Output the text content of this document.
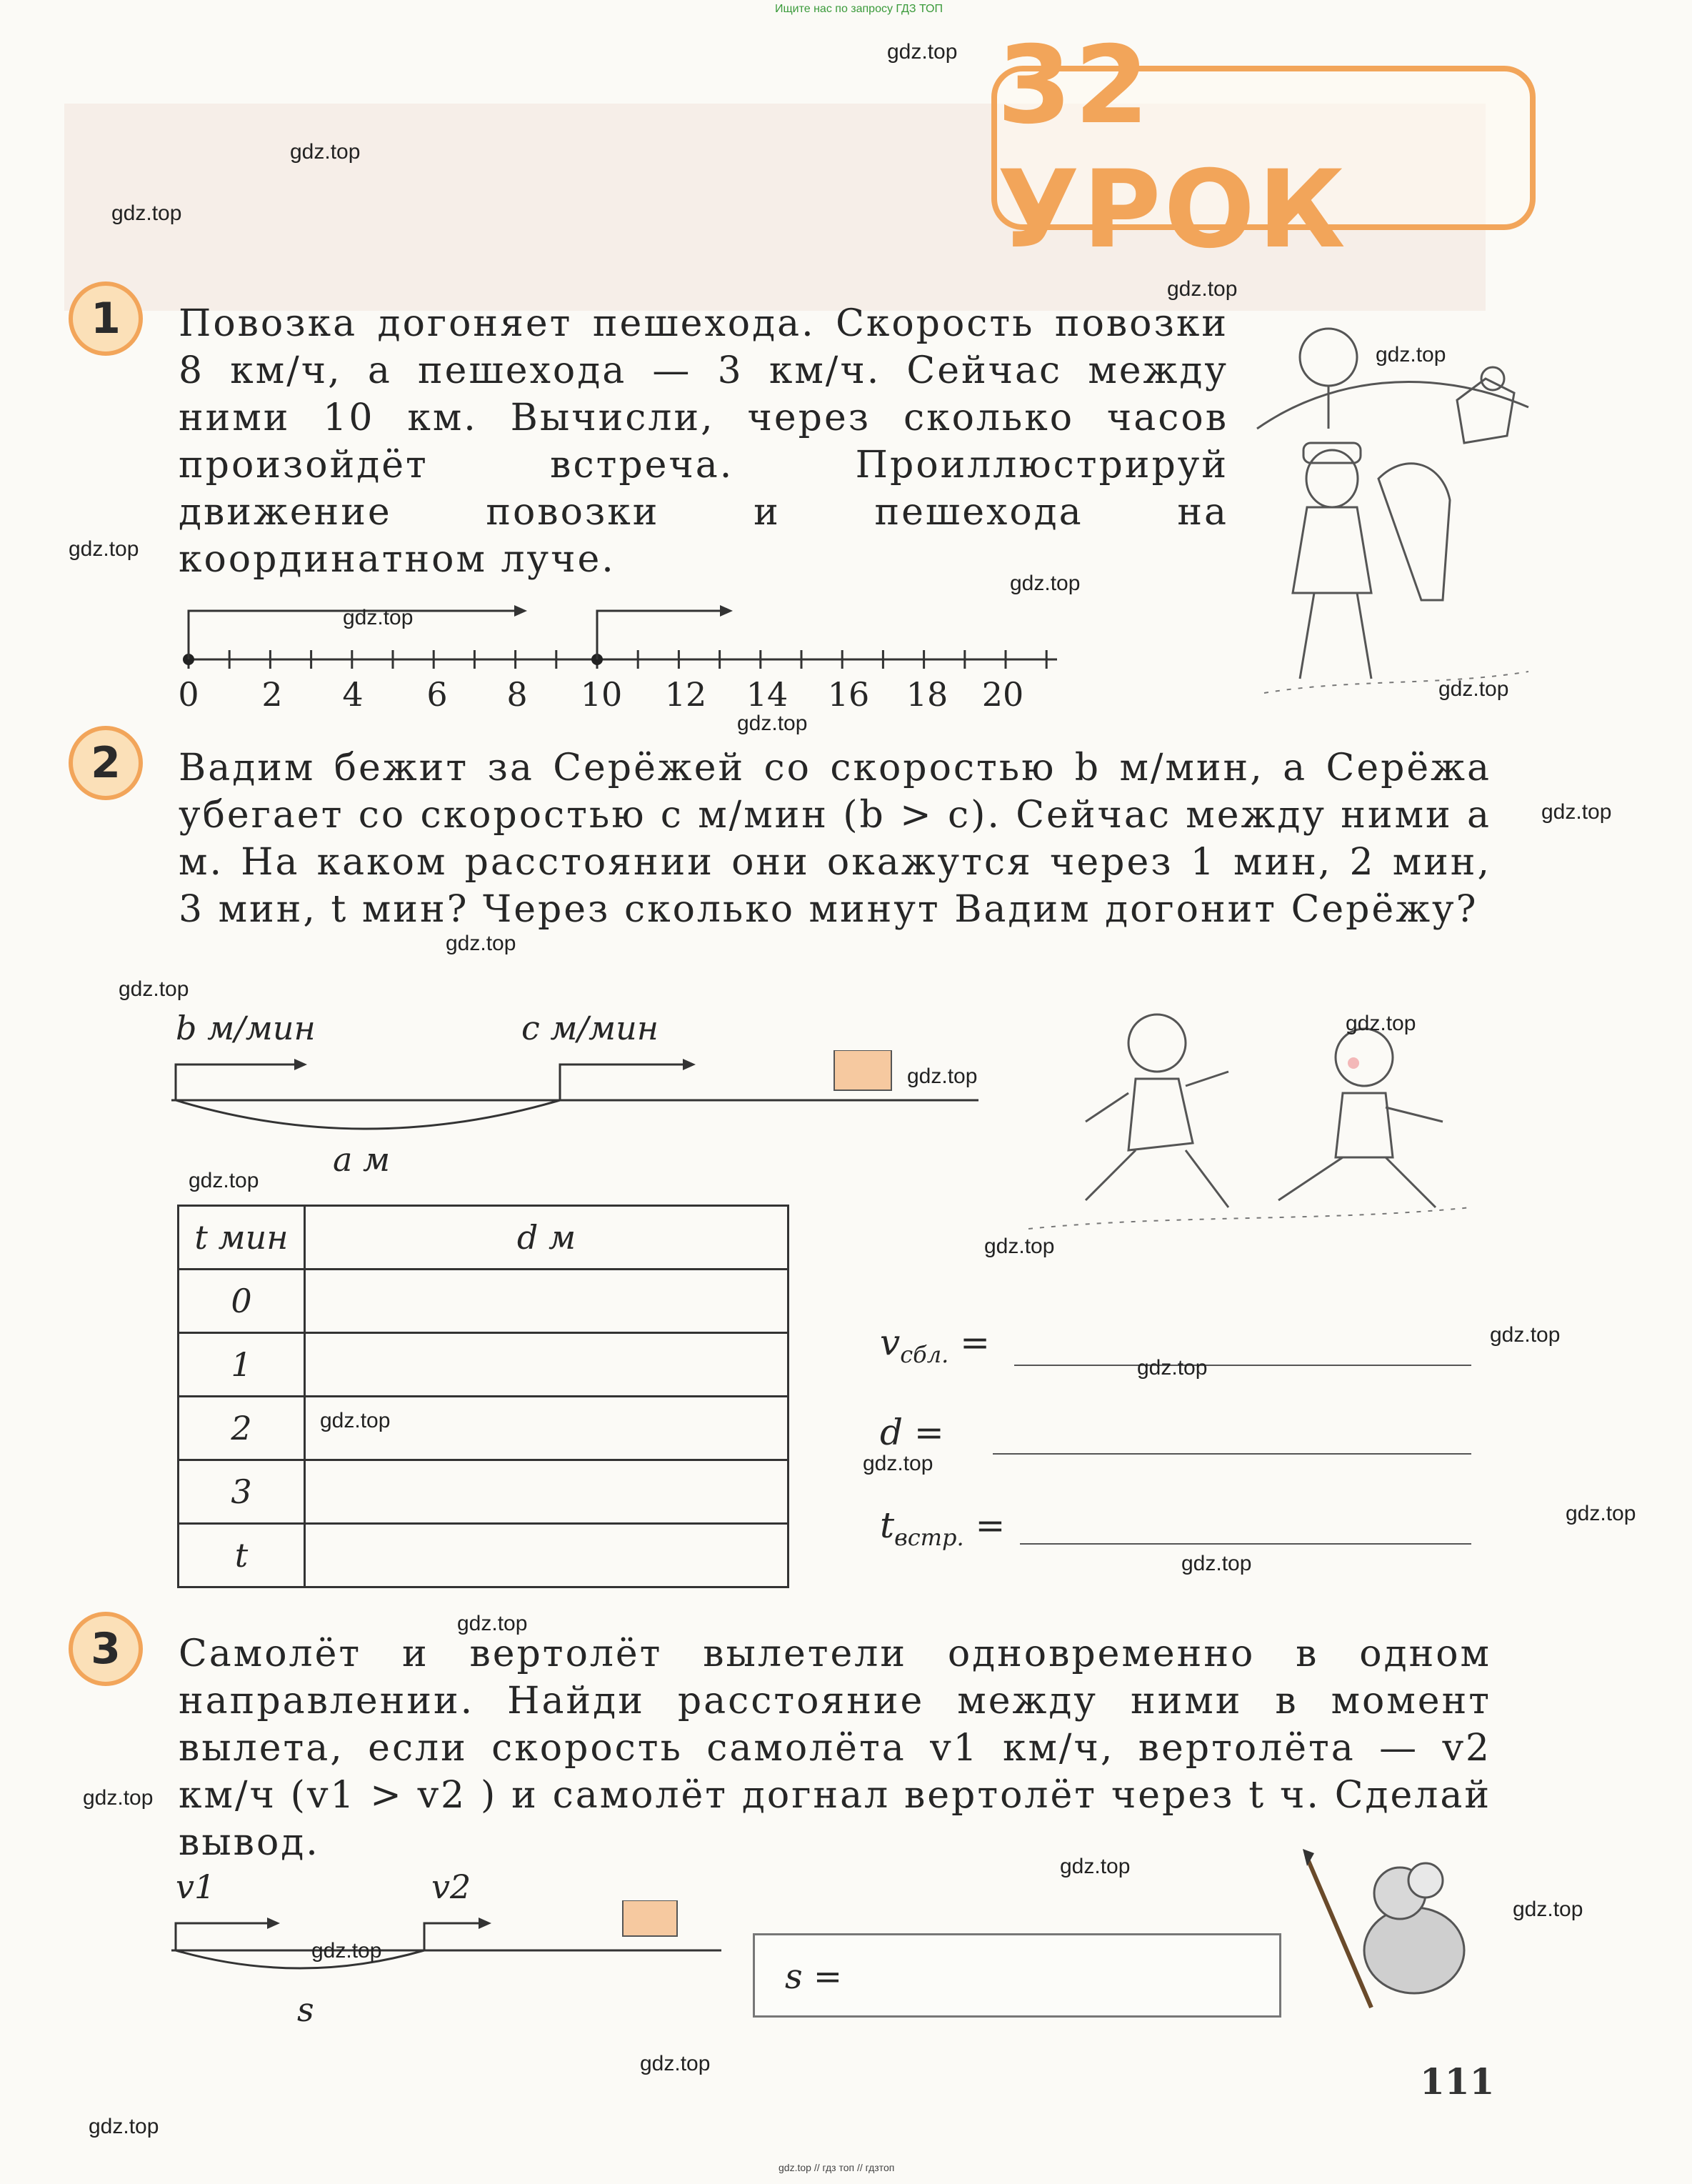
Ищите нас по запросу ГДЗ ТОП
32 УРОК
1 Повозка догоняет пешехода. Скорость повозки 8 км/ч, а пешехода — 3 км/ч. Сейчас между ними 10 км. Вычисли, через сколько часов произойдёт встреча. Проиллюстрируй движение повозки и пешехода на координатном луче.
0 2 4 6 8 10 12 14 16 18 20
2 Вадим бежит за Серёжей со скоростью b м/мин, а Серёжа убегает со скоростью c м/мин (b > c). Сейчас между ними a м. На каком расстоянии они окажутся через 1 мин, 2 мин, 3 мин, t мин? Через сколько минут Вадим догонит Серёжу?
b м/мин	c м/мин
a м
t мин	d м
0	
1	
2	
3	
t	
$v_{сбл.}$ =
d =
$t_{встр.}$ =
3 Самолёт и вертолёт вылетели одновременно в одном направлении. Найди расстояние между ними в момент вылета, если скорость самолёта v1 км/ч, вертолёта — v2 км/ч (v1 > v2 ) и самолёт догнал вертолёт через t ч. Сделай вывод.
v1	v2
s
s =
111
gdz.top // гдз топ // гдзтоп
gdz.top
gdz.top
gdz.top
gdz.top
gdz.top
gdz.top
gdz.top
gdz.top
gdz.top
gdz.top
gdz.top
gdz.top
gdz.top
gdz.top
gdz.top
gdz.top
gdz.top
gdz.top
gdz.top
gdz.top
gdz.top
gdz.top
gdz.top
gdz.top
gdz.top
gdz.top
gdz.top
gdz.top
gdz.top
gdz.top
